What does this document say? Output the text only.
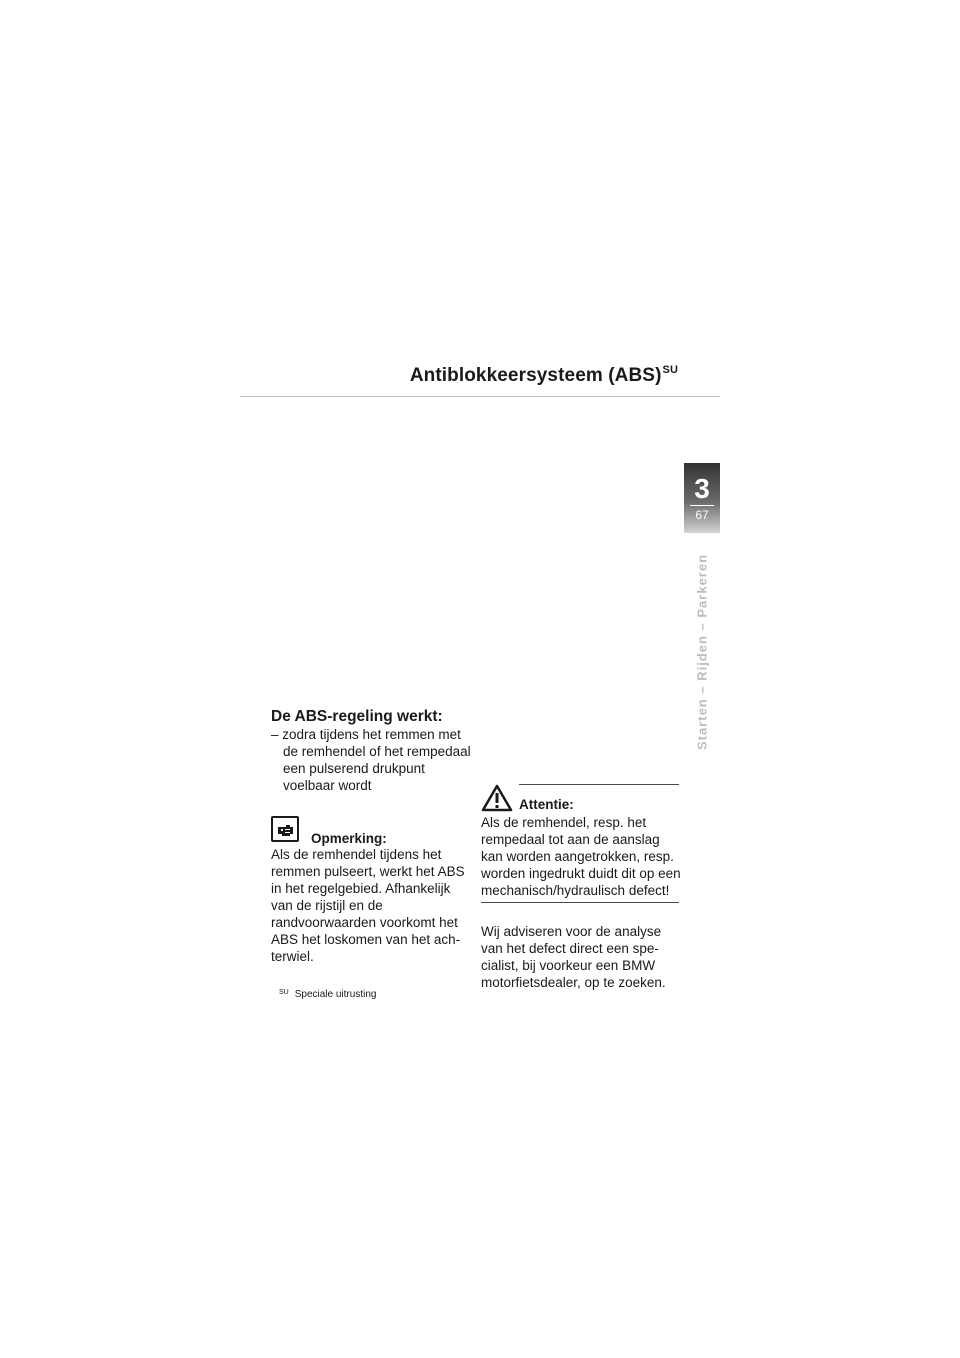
Antiblokkeersysteem (ABS)$^{SU}$
3
67
Starten – Rijden – Parkeren
De ABS-regeling werkt:
– zodra tijdens het remmen met de remhendel of het rempedaal een pulserend drukpunt voelbaar wordt
Opmerking:

Als de remhendel tijdens het remmen pulseert, werkt het ABS in het regelgebied. Afhankelijk van de rijstijl en de randvoorwaarden voorkomt het ABS het loskomen van het achterwiel.

$^{SU}$ Speciale uitrusting
Attentie:

Als de remhendel, resp. het rempedaal tot aan de aanslag kan worden aangetrokken, resp. worden ingedrukt duidt dit op een mechanisch/hydraulisch defect!

Wij adviseren voor de analyse van het defect direct een specialist, bij voorkeur een BMW motorfietsdealer, op te zoeken.
